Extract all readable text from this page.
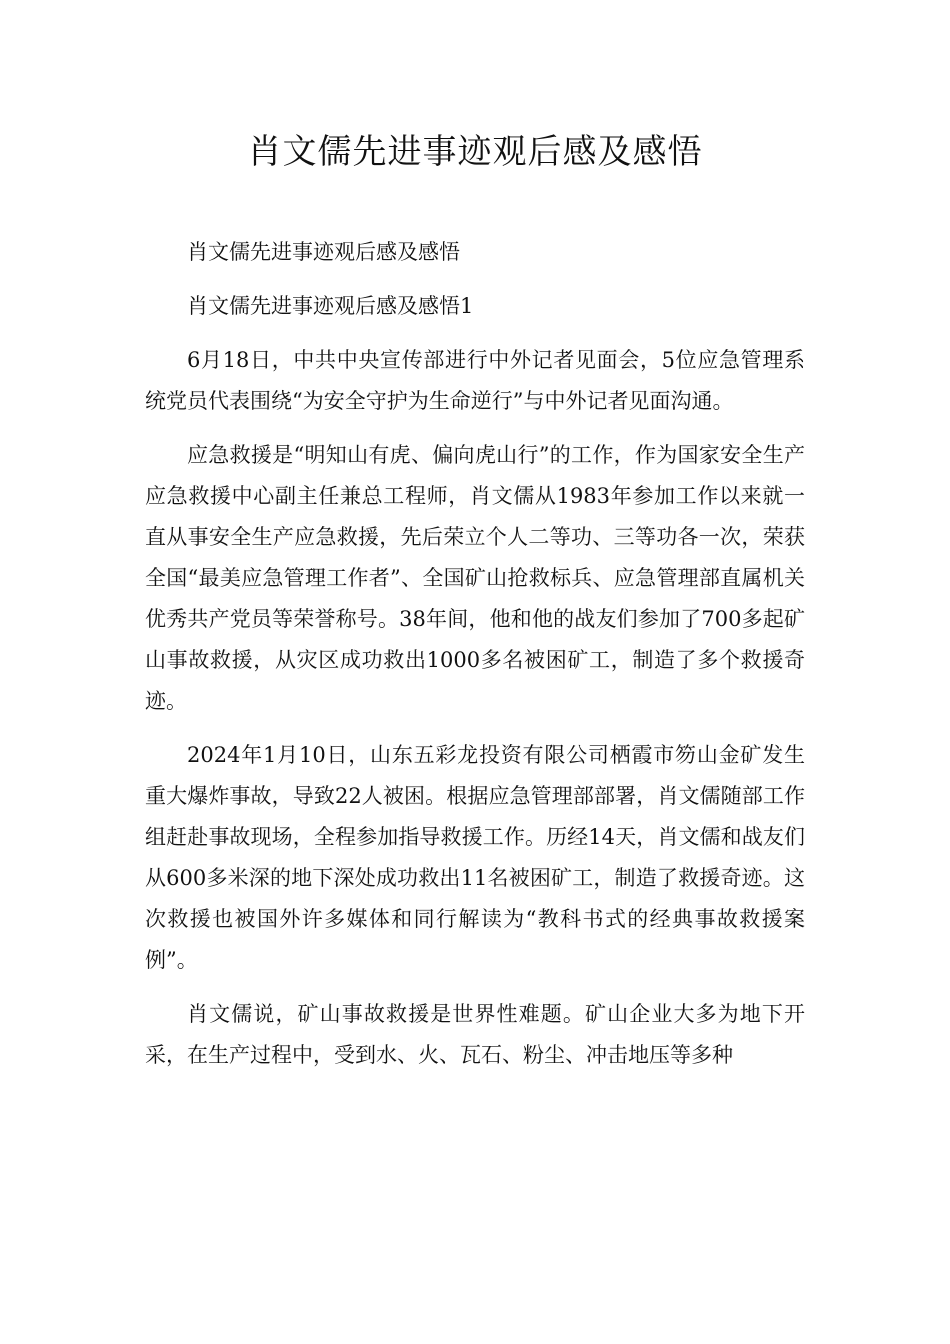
肖文儒先进事迹观后感及感悟

肖文儒先进事迹观后感及感悟

肖文儒先进事迹观后感及感悟1

6月18日，中共中央宣传部进行中外记者见面会，5位应急管理系统党员代表围绕“为安全守护为生命逆行”与中外记者见面沟通。

应急救援是“明知山有虎、偏向虎山行”的工作，作为国家安全生产应急救援中心副主任兼总工程师，肖文儒从1983年参加工作以来就一直从事安全生产应急救援，先后荣立个人二等功、三等功各一次，荣获全国“最美应急管理工作者”、全国矿山抢救标兵、应急管理部直属机关优秀共产党员等荣誉称号。38年间，他和他的战友们参加了700多起矿山事故救援，从灾区成功救出1000多名被困矿工，制造了多个救援奇迹。

2024年1月10日，山东五彩龙投资有限公司栖霞市笏山金矿发生重大爆炸事故，导致22人被困。根据应急管理部部署，肖文儒随部工作组赶赴事故现场，全程参加指导救援工作。历经14天，肖文儒和战友们从600多米深的地下深处成功救出11名被困矿工，制造了救援奇迹。这次救援也被国外许多媒体和同行解读为“教科书式的经典事故救援案例”。

肖文儒说，矿山事故救援是世界性难题。矿山企业大多为地下开采，在生产过程中，受到水、火、瓦石、粉尘、冲击地压等多种
